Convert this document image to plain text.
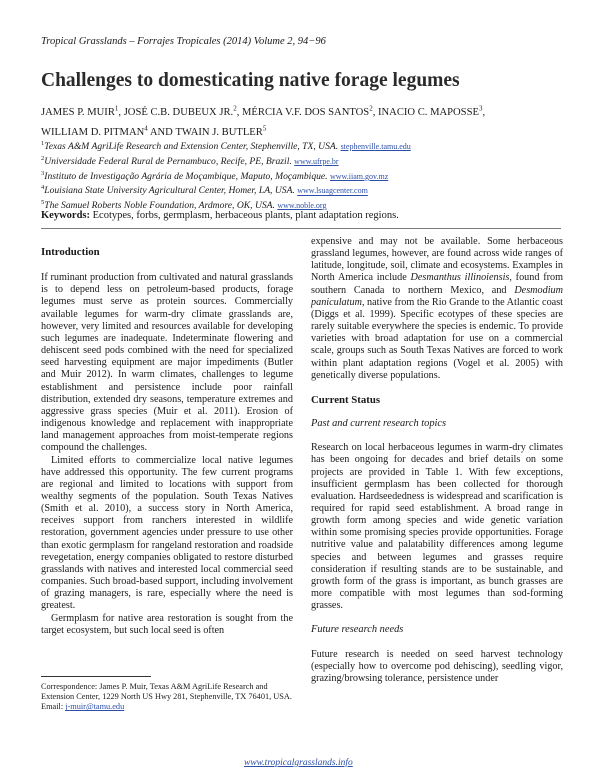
Tropical Grasslands – Forrajes Tropicales (2014) Volume 2, 94−96
Challenges to domesticating native forage legumes
JAMES P. MUIR$^1$, JOSÉ C.B. DUBEUX JR.$^2$, MÉRCIA V.F. DOS SANTOS$^2$, INACIO C. MAPOSSE$^3$, WILLIAM D. PITMAN$^4$ AND TWAIN J. BUTLER$^5$
$^1$Texas A&M AgriLife Research and Extension Center, Stephenville, TX, USA. stephenville.tamu.edu
$^2$Universidade Federal Rural de Pernambuco, Recife, PE, Brazil. www.ufrpe.br
$^3$Instituto de Investigação Agrária de Moçambique, Maputo, Moçambique. www.iiam.gov.mz
$^4$Louisiana State University Agricultural Center, Homer, LA, USA. www.lsuagcenter.com
$^5$The Samuel Roberts Noble Foundation, Ardmore, OK, USA. www.noble.org
Keywords: Ecotypes, forbs, germplasm, herbaceous plants, plant adaptation regions.
Introduction

If ruminant production from cultivated and natural grasslands is to depend less on petroleum-based products, forage legumes must serve as protein sources. Commercially available legumes for warm-dry climate grasslands are, however, very limited and resources available for developing such legumes are inadequate. Indeterminate flowering and dehiscent seed pods combined with the need for specialized seed harvesting equipment are major impediments (Butler and Muir 2012). In warm climates, challenges to legume establishment and persistence include poor rainfall distribution, extended dry seasons, temperature extremes and aggressive grass species (Muir et al. 2011). Erosion of indigenous knowledge and replacement with inappropriate land management approaches from moist-temperate regions compound the challenges.

Limited efforts to commercialize local native legumes have addressed this opportunity. The few current programs are regional and limited to locations with support from wealthy segments of the population. South Texas Natives (Smith et al. 2010), a success story in North America, receives support from ranchers interested in wildlife restoration, government agencies under pressure to use other than exotic germplasm for rangeland restoration and roadside revegetation, energy companies obligated to restore disturbed grasslands with natives and interested local commercial seed companies. Such broad-based support, including involvement of grazing managers, is rare, especially where the need is greatest.

Germplasm for native area restoration is sought from the target ecosystem, but such local seed is often

expensive and may not be available. Some herbaceous grassland legumes, however, are found across wide ranges of latitude, longitude, soil, climate and ecosystems. Examples in North America include Desmanthus illinoiensis, found from southern Canada to northern Mexico, and Desmodium paniculatum, native from the Rio Grande to the Atlantic coast (Diggs et al. 1999). Specific ecotypes of these species are rarely suitable everywhere the species is endemic. To provide varieties with broad adaptation for use on a commercial scale, groups such as South Texas Natives are forced to work within plant adaptation regions (Vogel et al. 2005) with genetically diverse populations.

Current Status
Past and current research topics

Research on local herbaceous legumes in warm-dry climates has been ongoing for decades and brief details on some projects are provided in Table 1. With few exceptions, insufficient germplasm has been collected for thorough evaluation. Hardseededness is widespread and scarification is required for rapid seed establishment. A broad range in growth form among species and wide genetic variation within some promising species provide opportunities. Forage nutritive value and palatability differences among legume species and between legumes and grasses require consideration if resulting stands are to be sustainable, and growth form of the grass is important, as bunch grasses are more compatible with most legumes than sod-forming grasses.

Future research needs

Future research is needed on seed harvest technology (especially how to overcome pod dehiscing), seedling vigor, grazing/browsing tolerance, persistence under

Correspondence: James P. Muir, Texas A&M AgriLife Research and Extension Center, 1229 North US Hwy 281, Stephenville, TX 76401, USA.
Email: j-muir@tamu.edu
www.tropicalgrasslands.info
